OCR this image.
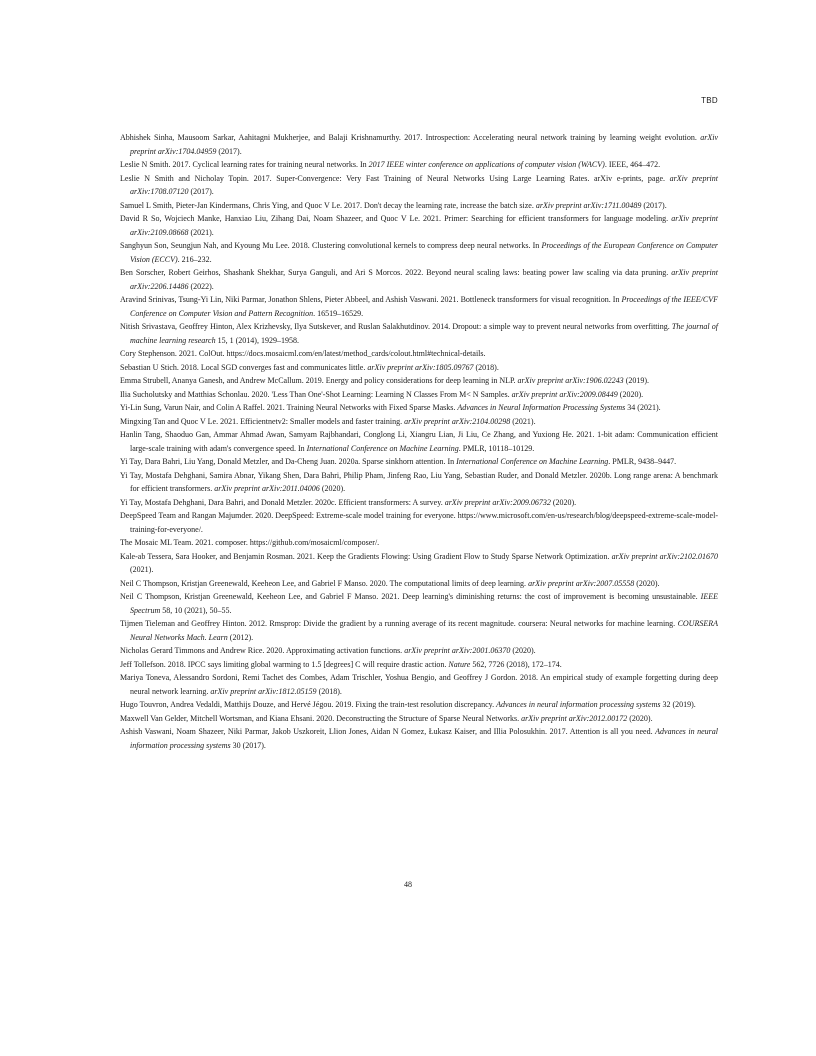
TBD

Abhishek Sinha, Mausoom Sarkar, Aahitagni Mukherjee, and Balaji Krishnamurthy. 2017. Introspection: Accelerating neural network training by learning weight evolution. arXiv preprint arXiv:1704.04959 (2017).

Leslie N Smith. 2017. Cyclical learning rates for training neural networks. In 2017 IEEE winter conference on applications of computer vision (WACV). IEEE, 464–472.

Leslie N Smith and Nicholay Topin. 2017. Super-Convergence: Very Fast Training of Neural Networks Using Large Learning Rates. arXiv e-prints, page. arXiv preprint arXiv:1708.07120 (2017).

Samuel L Smith, Pieter-Jan Kindermans, Chris Ying, and Quoc V Le. 2017. Don't decay the learning rate, increase the batch size. arXiv preprint arXiv:1711.00489 (2017).

David R So, Wojciech Manke, Hanxiao Liu, Zihang Dai, Noam Shazeer, and Quoc V Le. 2021. Primer: Searching for efficient transformers for language modeling. arXiv preprint arXiv:2109.08668 (2021).

Sanghyun Son, Seungjun Nah, and Kyoung Mu Lee. 2018. Clustering convolutional kernels to compress deep neural networks. In Proceedings of the European Conference on Computer Vision (ECCV). 216–232.

Ben Sorscher, Robert Geirhos, Shashank Shekhar, Surya Ganguli, and Ari S Morcos. 2022. Beyond neural scaling laws: beating power law scaling via data pruning. arXiv preprint arXiv:2206.14486 (2022).

Aravind Srinivas, Tsung-Yi Lin, Niki Parmar, Jonathon Shlens, Pieter Abbeel, and Ashish Vaswani. 2021. Bottleneck transformers for visual recognition. In Proceedings of the IEEE/CVF Conference on Computer Vision and Pattern Recognition. 16519–16529.

Nitish Srivastava, Geoffrey Hinton, Alex Krizhevsky, Ilya Sutskever, and Ruslan Salakhutdinov. 2014. Dropout: a simple way to prevent neural networks from overfitting. The journal of machine learning research 15, 1 (2014), 1929–1958.

Cory Stephenson. 2021. ColOut. https://docs.mosaicml.com/en/latest/method_cards/colout.html#technical-details.

Sebastian U Stich. 2018. Local SGD converges fast and communicates little. arXiv preprint arXiv:1805.09767 (2018).

Emma Strubell, Ananya Ganesh, and Andrew McCallum. 2019. Energy and policy considerations for deep learning in NLP. arXiv preprint arXiv:1906.02243 (2019).

Ilia Sucholutsky and Matthias Schonlau. 2020. 'Less Than One'-Shot Learning: Learning N Classes From M< N Samples. arXiv preprint arXiv:2009.08449 (2020).

Yi-Lin Sung, Varun Nair, and Colin A Raffel. 2021. Training Neural Networks with Fixed Sparse Masks. Advances in Neural Information Processing Systems 34 (2021).

Mingxing Tan and Quoc V Le. 2021. Efficientnetv2: Smaller models and faster training. arXiv preprint arXiv:2104.00298 (2021).

Hanlin Tang, Shaoduo Gan, Ammar Ahmad Awan, Samyam Rajbhandari, Conglong Li, Xiangru Lian, Ji Liu, Ce Zhang, and Yuxiong He. 2021. 1-bit adam: Communication efficient large-scale training with adam's convergence speed. In International Conference on Machine Learning. PMLR, 10118–10129.

Yi Tay, Dara Bahri, Liu Yang, Donald Metzler, and Da-Cheng Juan. 2020a. Sparse sinkhorn attention. In International Conference on Machine Learning. PMLR, 9438–9447.

Yi Tay, Mostafa Dehghani, Samira Abnar, Yikang Shen, Dara Bahri, Philip Pham, Jinfeng Rao, Liu Yang, Sebastian Ruder, and Donald Metzler. 2020b. Long range arena: A benchmark for efficient transformers. arXiv preprint arXiv:2011.04006 (2020).

Yi Tay, Mostafa Dehghani, Dara Bahri, and Donald Metzler. 2020c. Efficient transformers: A survey. arXiv preprint arXiv:2009.06732 (2020).

DeepSpeed Team and Rangan Majumder. 2020. DeepSpeed: Extreme-scale model training for everyone. https://www.microsoft.com/en-us/research/blog/deepspeed-extreme-scale-model-training-for-everyone/.

The Mosaic ML Team. 2021. composer. https://github.com/mosaicml/composer/.

Kale-ab Tessera, Sara Hooker, and Benjamin Rosman. 2021. Keep the Gradients Flowing: Using Gradient Flow to Study Sparse Network Optimization. arXiv preprint arXiv:2102.01670 (2021).

Neil C Thompson, Kristjan Greenewald, Keeheon Lee, and Gabriel F Manso. 2020. The computational limits of deep learning. arXiv preprint arXiv:2007.05558 (2020).

Neil C Thompson, Kristjan Greenewald, Keeheon Lee, and Gabriel F Manso. 2021. Deep learning's diminishing returns: the cost of improvement is becoming unsustainable. IEEE Spectrum 58, 10 (2021), 50–55.

Tijmen Tieleman and Geoffrey Hinton. 2012. Rmsprop: Divide the gradient by a running average of its recent magnitude. coursera: Neural networks for machine learning. COURSERA Neural Networks Mach. Learn (2012).

Nicholas Gerard Timmons and Andrew Rice. 2020. Approximating activation functions. arXiv preprint arXiv:2001.06370 (2020).

Jeff Tollefson. 2018. IPCC says limiting global warming to 1.5 [degrees] C will require drastic action. Nature 562, 7726 (2018), 172–174.

Mariya Toneva, Alessandro Sordoni, Remi Tachet des Combes, Adam Trischler, Yoshua Bengio, and Geoffrey J Gordon. 2018. An empirical study of example forgetting during deep neural network learning. arXiv preprint arXiv:1812.05159 (2018).

Hugo Touvron, Andrea Vedaldi, Matthijs Douze, and Hervé Jégou. 2019. Fixing the train-test resolution discrepancy. Advances in neural information processing systems 32 (2019).

Maxwell Van Gelder, Mitchell Wortsman, and Kiana Ehsani. 2020. Deconstructing the Structure of Sparse Neural Networks. arXiv preprint arXiv:2012.00172 (2020).

Ashish Vaswani, Noam Shazeer, Niki Parmar, Jakob Uszkoreit, Llion Jones, Aidan N Gomez, Łukasz Kaiser, and Illia Polosukhin. 2017. Attention is all you need. Advances in neural information processing systems 30 (2017).

48
